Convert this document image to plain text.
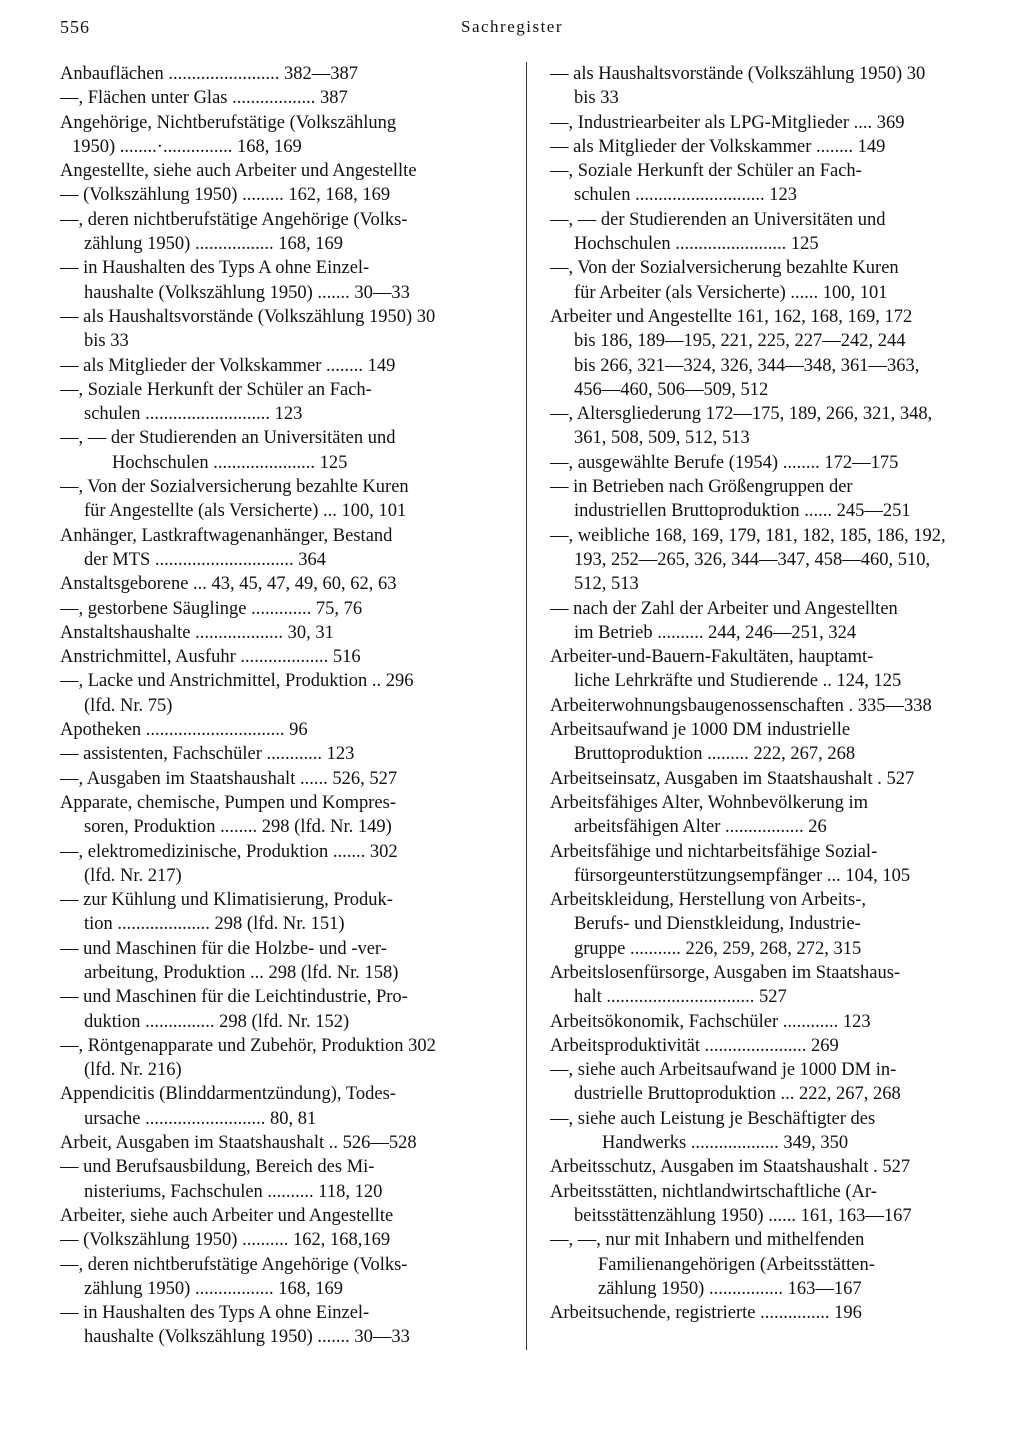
556	Sachregister
Anbauflächen ........................ 382—387
—, Flächen unter Glas .................. 387
Angehörige, Nichtberufstätige (Volkszählung
1950) ........·............... 168, 169
Angestellte, siehe auch Arbeiter und Angestellte
— (Volkszählung 1950) ......... 162, 168, 169
—, deren nichtberufstätige Angehörige (Volks-
zählung 1950) ................. 168, 169
— in Haushalten des Typs A ohne Einzel-
haushalte (Volkszählung 1950) ....... 30—33
— als Haushaltsvorstände (Volkszählung 1950) 30
bis 33
— als Mitglieder der Volkskammer ........ 149
—, Soziale Herkunft der Schüler an Fach-
schulen ........................... 123
—, — der Studierenden an Universitäten und
Hochschulen ...................... 125
—, Von der Sozialversicherung bezahlte Kuren
für Angestellte (als Versicherte) ... 100, 101
Anhänger, Lastkraftwagenanhänger, Bestand
der MTS .............................. 364
Anstaltsgeborene ... 43, 45, 47, 49, 60, 62, 63
—, gestorbene Säuglinge ............. 75, 76
Anstaltshaushalte ................... 30, 31
Anstrichmittel, Ausfuhr ................... 516
—, Lacke und Anstrichmittel, Produktion .. 296
(lfd. Nr. 75)
Apotheken .............................. 96
— assistenten, Fachschüler ............ 123
—, Ausgaben im Staatshaushalt ...... 526, 527
Apparate, chemische, Pumpen und Kompres-
soren, Produktion ........ 298 (lfd. Nr. 149)
—, elektromedizinische, Produktion ....... 302
(lfd. Nr. 217)
— zur Kühlung und Klimatisierung, Produk-
tion .................... 298 (lfd. Nr. 151)
— und Maschinen für die Holzbe- und -ver-
arbeitung, Produktion ... 298 (lfd. Nr. 158)
— und Maschinen für die Leichtindustrie, Pro-
duktion ............... 298 (lfd. Nr. 152)
—, Röntgenapparate und Zubehör, Produktion 302
(lfd. Nr. 216)
Appendicitis (Blinddarmentzündung), Todes-
ursache .......................... 80, 81
Arbeit, Ausgaben im Staatshaushalt .. 526—528
— und Berufsausbildung, Bereich des Mi-
nisteriums, Fachschulen .......... 118, 120
Arbeiter, siehe auch Arbeiter und Angestellte
— (Volkszählung 1950) .......... 162, 168,169
—, deren nichtberufstätige Angehörige (Volks-
zählung 1950) ................. 168, 169
— in Haushalten des Typs A ohne Einzel-
haushalte (Volkszählung 1950) ....... 30—33
— als Haushaltsvorstände (Volkszählung 1950) 30
bis 33
—, Industriearbeiter als LPG-Mitglieder .... 369
— als Mitglieder der Volkskammer ........ 149
—, Soziale Herkunft der Schüler an Fach-
schulen ............................ 123
—, — der Studierenden an Universitäten und
Hochschulen ........................ 125
—, Von der Sozialversicherung bezahlte Kuren
für Arbeiter (als Versicherte) ...... 100, 101
Arbeiter und Angestellte 161, 162, 168, 169, 172
bis 186, 189—195, 221, 225, 227—242, 244
bis 266, 321—324, 326, 344—348, 361—363,
456—460, 506—509, 512
—, Altersgliederung 172—175, 189, 266, 321, 348,
361, 508, 509, 512, 513
—, ausgewählte Berufe (1954) ........ 172—175
— in Betrieben nach Größengruppen der
industriellen Bruttoproduktion ...... 245—251
—, weibliche 168, 169, 179, 181, 182, 185, 186, 192,
193, 252—265, 326, 344—347, 458—460, 510,
512, 513
— nach der Zahl der Arbeiter und Angestellten
im Betrieb .......... 244, 246—251, 324
Arbeiter-und-Bauern-Fakultäten, hauptamt-
liche Lehrkräfte und Studierende .. 124, 125
Arbeiterwohnungsbaugenossenschaften . 335—338
Arbeitsaufwand je 1000 DM industrielle
Bruttoproduktion ......... 222, 267, 268
Arbeitseinsatz, Ausgaben im Staatshaushalt . 527
Arbeitsfähiges Alter, Wohnbevölkerung im
arbeitsfähigen Alter ................. 26
Arbeitsfähige und nichtarbeitsfähige Sozial-
fürsorgeunterstützungsempfänger ... 104, 105
Arbeitskleidung, Herstellung von Arbeits-,
Berufs- und Dienstkleidung, Industrie-
gruppe ........... 226, 259, 268, 272, 315
Arbeitslosenfürsorge, Ausgaben im Staatshaus-
halt ................................ 527
Arbeitsökonomik, Fachschüler ............ 123
Arbeitsproduktivität ...................... 269
—, siehe auch Arbeitsaufwand je 1000 DM in-
dustrielle Bruttoproduktion ... 222, 267, 268
—, siehe auch Leistung je Beschäftigter des
Handwerks ................... 349, 350
Arbeitsschutz, Ausgaben im Staatshaushalt . 527
Arbeitsstätten, nichtlandwirtschaftliche (Ar-
beitsstättenzählung 1950) ...... 161, 163—167
—, —, nur mit Inhabern und mithelfenden
Familienangehörigen (Arbeitsstätten-
zählung 1950) ................ 163—167
Arbeitsuchende, registrierte ............... 196
